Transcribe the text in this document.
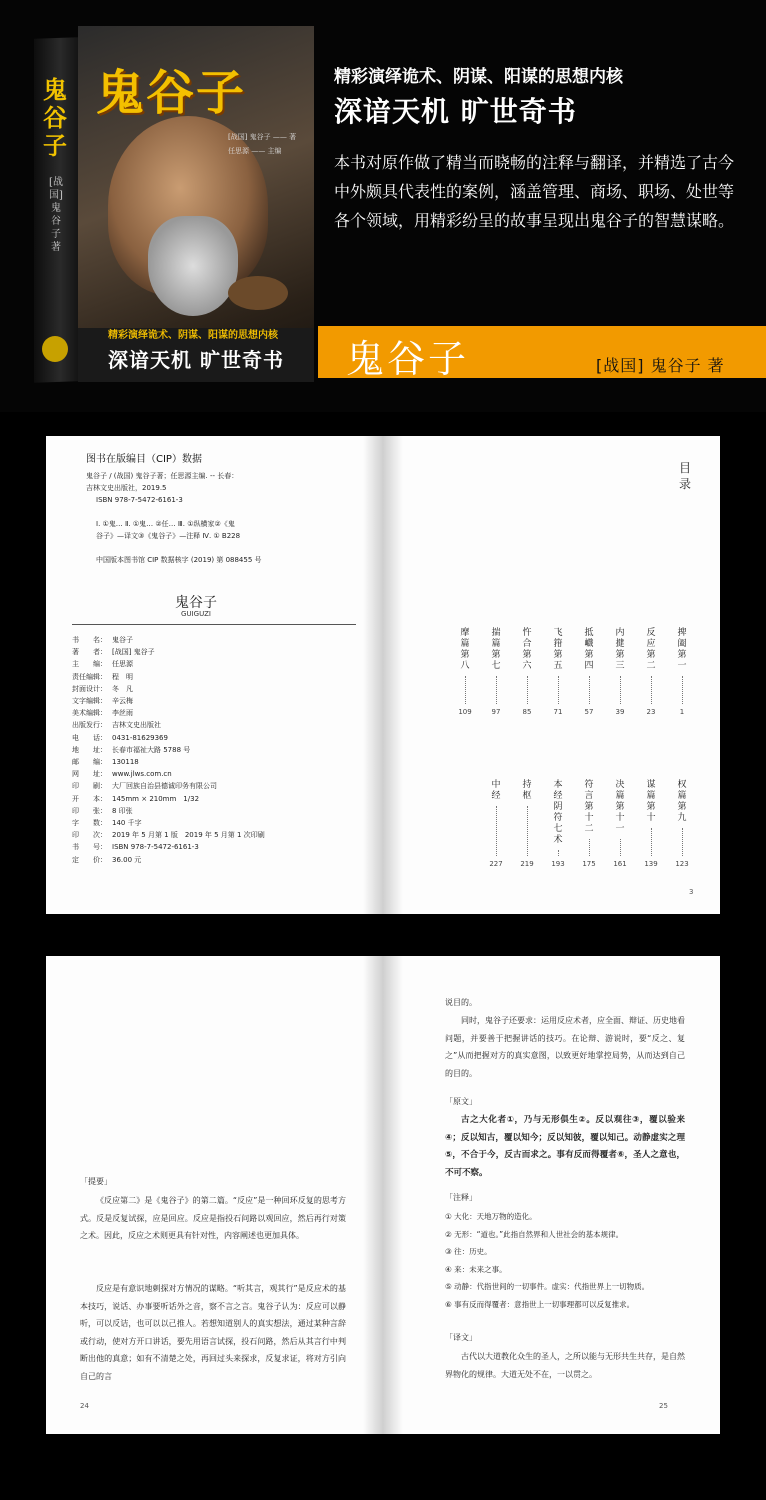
鬼谷子
[战国] 鬼谷子 著
鬼谷子
[战国] 鬼谷子 —— 著
任思源 —— 主编
精彩演绎诡术、阴谋、阳谋的思想内核
深谙天机 旷世奇书
精彩演绎诡术、阴谋、阳谋的思想内核
深谙天机 旷世奇书
本书对原作做了精当而晓畅的注释与翻译，并精选了古今中外颇具代表性的案例，涵盖管理、商场、职场、处世等各个领域，用精彩纷呈的故事呈现出鬼谷子的智慧谋略。
鬼谷子	[战国] 鬼谷子 著
图书在版编目（CIP）数据
鬼谷子 / (战国) 鬼谷子著；任思源主编. -- 长春：
吉林文史出版社，2019.5
ISBN 978-7-5472-6161-3
Ⅰ. ①鬼… Ⅱ. ①鬼… ②任… Ⅲ. ①纵横家②《鬼
谷子》—译文③《鬼谷子》—注释 Ⅳ. ① B228
中国版本图书馆 CIP 数据核字 (2019) 第 088455 号
鬼谷子
GUIGUZI
书　　名： 鬼谷子
著　　者： [战国] 鬼谷子
主　　编： 任思源
责任编辑： 程　明
封面设计： 冬　凡
文字编辑： 辛云梅
美术编辑： 李丝雨
出版发行： 吉林文史出版社
电　　话： 0431-81629369
地　　址： 长春市福祉大路 5788 号
邮　　编： 130118
网　　址： www.jlws.com.cn
印　　刷： 大厂回族自治县德诚印务有限公司
开　　本： 145mm × 210mm　1/32
印　　张： 8 印张
字　　数： 140 千字
印　　次： 2019 年 5 月第 1 版　2019 年 5 月第 1 次印刷
书　　号： ISBN 978-7-5472-6161-3
定　　价： 36.00 元
目录
捭阖第一
1
反应第二
23
内揵第三
39
抵巇第四
57
飞箝第五
71
忤合第六
85
揣篇第七
97
摩篇第八
109
权篇第九
123
谋篇第十
139
决篇第十一
161
符言第十二
175
本经阴符七术
193
持枢
219
中经
227
3
「提要」
《反应第二》是《鬼谷子》的第二篇。“反应”是一种回环反复的思考方式。反是反复试探，应是回应。反应是指投石问路以观回应，然后再行对策之术。因此，反应之术则更具有针对性，内容阐述也更加具体。
反应是有意识地刺探对方情况的谋略。“听其言，观其行”是反应术的基本技巧，说话、办事要听话外之音，察不言之言。鬼谷子认为：反应可以静听，可以反诘，也可以以己推人。若想知道别人的真实想法，通过某种言辞或行动，使对方开口讲话，要先用语言试探，投石问路，然后从其言行中判断出他的真意；如有不清楚之处，再回过头来探求，反复求证，将对方引向自己的言
24
说目的。
同时，鬼谷子还要求：运用反应术者，应全面、辩证、历史地看问题，并要善于把握讲话的技巧。在论辩、游说时，要“反之、复之”从而把握对方的真实意图，以致更好地掌控局势，从而达到自己的目的。
「原文」
古之大化者①，乃与无形俱生②。反以观往③，覆以验来④；反以知古，覆以知今；反以知彼，覆以知己。动静虚实之理⑤，不合于今，反古而求之。事有反而得覆者⑥，圣人之意也，不可不察。
「注释」
① 大化：天地万物的造化。
② 无形：“道也。”此指自然界和人世社会的基本规律。
③ 往：历史。
④ 来：未来之事。
⑤ 动静：代指世间的一切事件。虚实：代指世界上一切物质。
⑥ 事有反而得覆者：意指世上一切事理都可以反复推求。
「译文」
古代以大道教化众生的圣人，之所以能与无形共生共存，是自然界物化的规律。大道无处不在，一以贯之。
25
